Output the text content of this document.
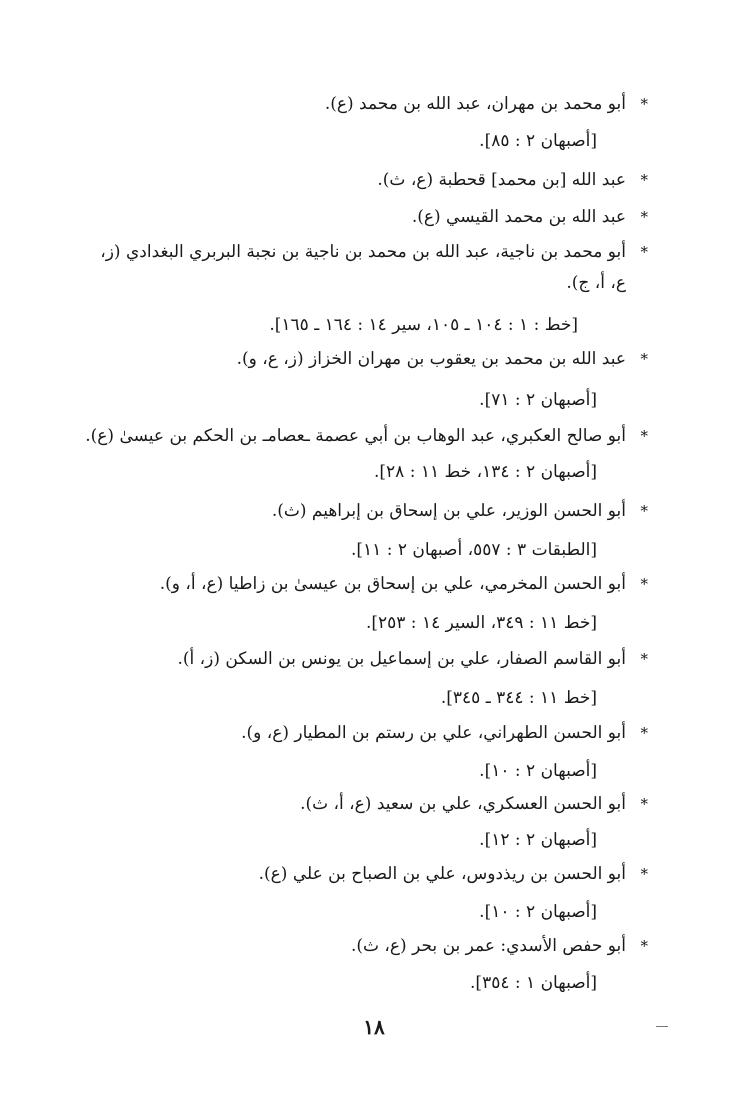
أبو محمد بن مهران، عبد الله بن محمد (ع). *
[أصبهان ٢ : ٨٥].
عبد الله [بن محمد] قحطبة (ع، ث). *
عبد الله بن محمد القيسي (ع). *
أبو محمد بن ناجية، عبد الله بن محمد بن ناجية بن نجبة البربري البغدادي (ز، *
ع، أ، ج).
[خط : ١ : ١٠٤ ـ ١٠٥، سير ١٤ : ١٦٤ ـ ١٦٥].
عبد الله بن محمد بن يعقوب بن مهران الخزاز (ز، ع، و). *
[أصبهان ٢ : ٧١].
أبو صالح العكبري، عبد الوهاب بن أبي عصمة ـعصامـ بن الحكم بن عيسىٰ (ع). *
[أصبهان ٢ : ١٣٤، خط ١١ : ٢٨].
أبو الحسن الوزير، علي بن إسحاق بن إبراهيم (ث). *
[الطبقات ٣ : ٥٥٧، أصبهان ٢ : ١١].
أبو الحسن المخرمي، علي بن إسحاق بن عيسىٰ بن زاطيا (ع، أ، و). *
[خط ١١ : ٣٤٩، السير ١٤ : ٢٥٣].
أبو القاسم الصفار، علي بن إسماعيل بن يونس بن السكن (ز، أ). *
[خط ١١ : ٣٤٤ ـ ٣٤٥].
أبو الحسن الطهراني، علي بن رستم بن المطيار (ع، و). *
[أصبهان ٢ : ١٠].
أبو الحسن العسكري، علي بن سعيد (ع، أ، ث). *
[أصبهان ٢ : ١٢].
أبو الحسن بن ريذدوس، علي بن الصباح بن علي (ع). *
[أصبهان ٢ : ١٠].
أبو حفص الأسدي: عمر بن بحر (ع، ث). *
[أصبهان ١ : ٣٥٤].
١٨
